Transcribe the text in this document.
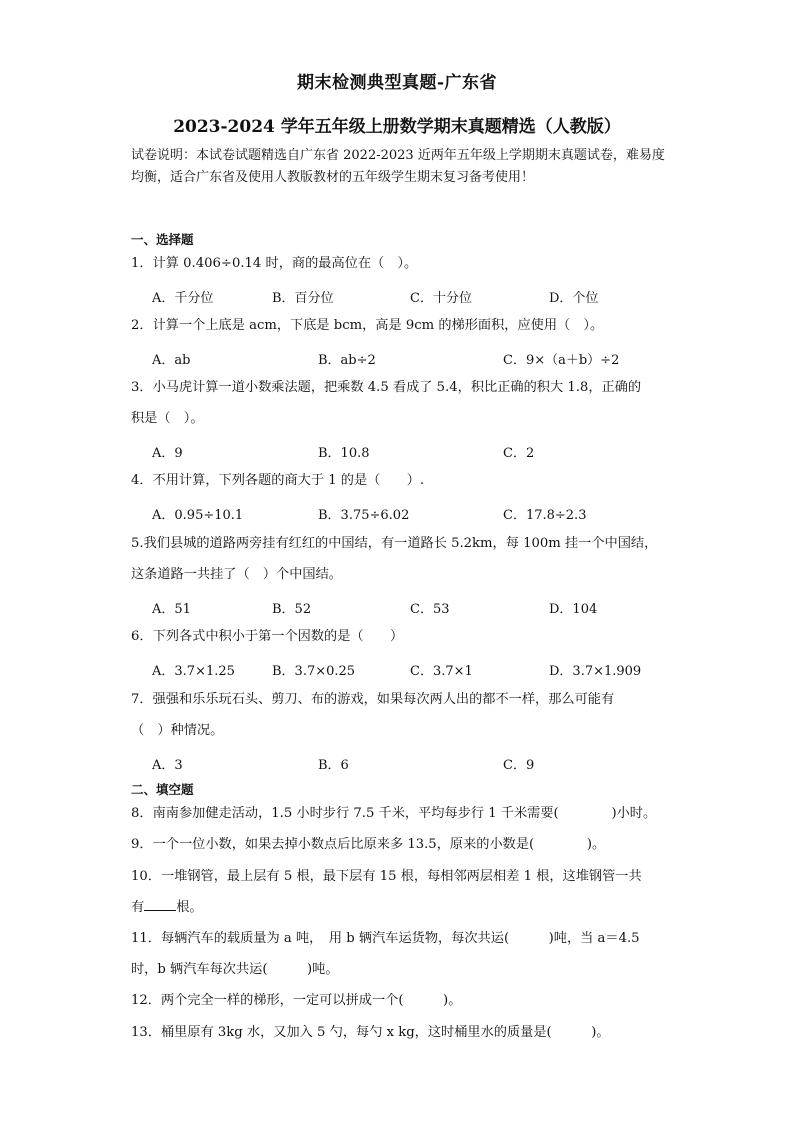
期末检测典型真题-广东省
2023-2024 学年五年级上册数学期末真题精选（人教版）
试卷说明：本试卷试题精选自广东省 2022-2023 近两年五年级上学期期末真题试卷，难易度均衡，适合广东省及使用人教版教材的五年级学生期末复习备考使用！
一、选择题
1．计算 0.406÷0.14 时，商的最高位在（　）。
A．千分位	B．百分位	C．十分位	D．个位
2．计算一个上底是 acm，下底是 bcm，高是 9cm 的梯形面积，应使用（　）。
A．ab	B．ab÷2	C．9×（a＋b）÷2
3．小马虎计算一道小数乘法题，把乘数 4.5 看成了 5.4，积比正确的积大 1.8，正确的
积是（　）。
A．9	B．10.8	C．2
4．不用计算，下列各题的商大于 1 的是（　　）.
A．0.95÷10.1	B．3.75÷6.02	C．17.8÷2.3
5.我们县城的道路两旁挂有红红的中国结，有一道路长 5.2km，每 100m 挂一个中国结，
这条道路一共挂了（　）个中国结。
A．51	B．52	C．53	D．104
6．下列各式中积小于第一个因数的是（　　）
A．3.7×1.25	B．3.7×0.25	C．3.7×1	D．3.7×1.909
7．强强和乐乐玩石头、剪刀、布的游戏，如果每次两人出的都不一样，那么可能有
（　）种情况。
A．3	B．6	C．9
二、填空题
8．南南参加健走活动，1.5 小时步行 7.5 千米，平均每步行 1 千米需要(　　　　)小时。
9．一个一位小数，如果去掉小数点后比原来多 13.5，原来的小数是(　　　　)。
10．一堆钢管，最上层有 5 根，最下层有 15 根，每相邻两层相差 1 根，这堆钢管一共
有 根。
11．每辆汽车的载质量为 a 吨，　用 b 辆汽车运货物，每次共运(　　　)吨，当 a＝4.5
时，b 辆汽车每次共运(　　　)吨。
12．两个完全一样的梯形，一定可以拼成一个(　　　)。
13．桶里原有 3kg 水，又加入 5 勺，每勺 x kg，这时桶里水的质量是(　　　)。
